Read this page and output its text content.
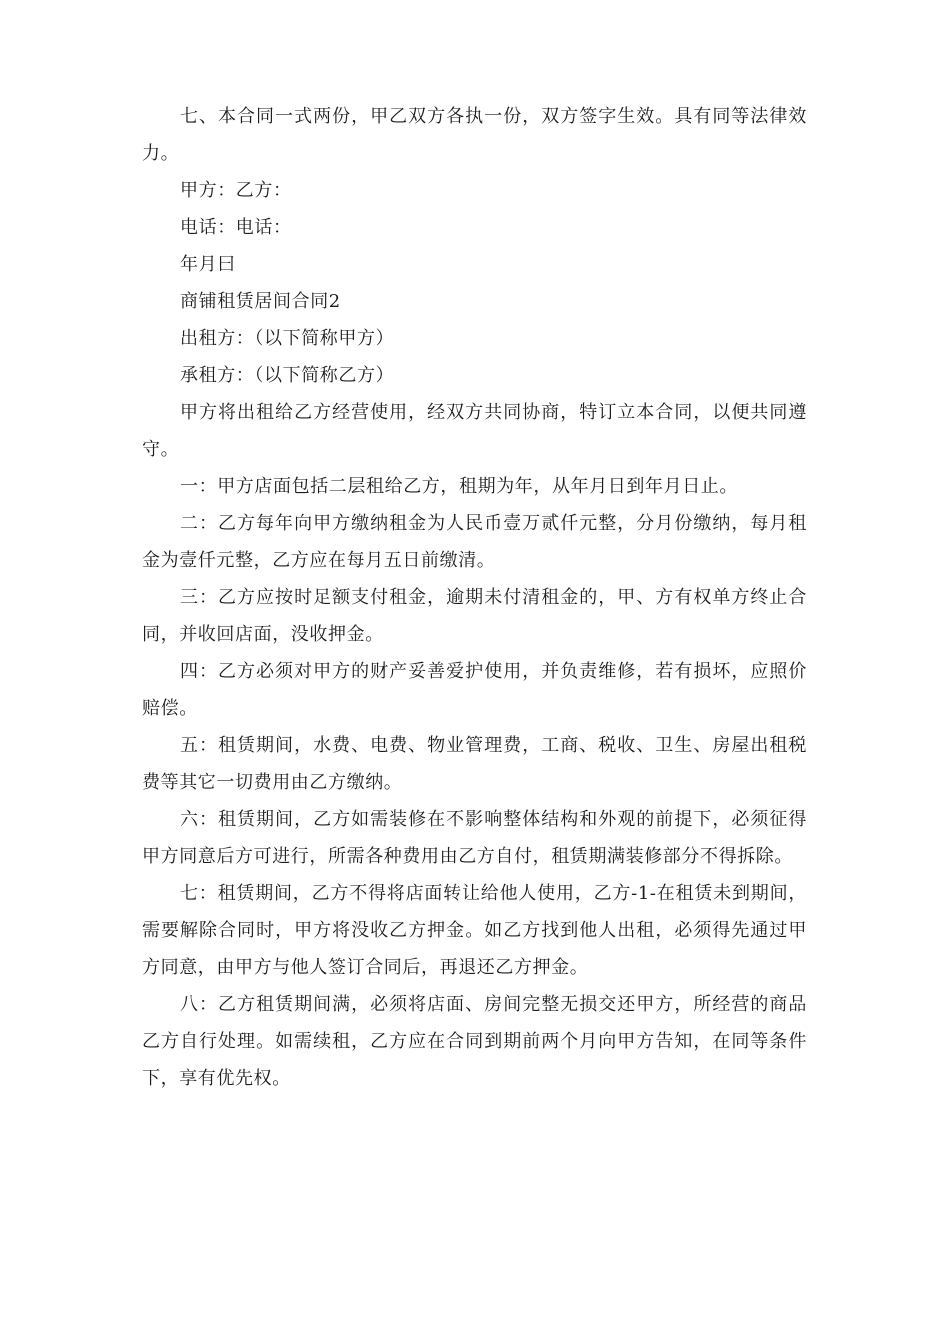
七、本合同一式两份，甲乙双方各执一份，双方签字生效。具有同等法律效力。

甲方：乙方：

电话：电话：

年月曰

商铺租赁居间合同2

出租方：（以下简称甲方）

承租方：（以下简称乙方）

甲方将出租给乙方经营使用，经双方共同协商，特订立本合同，以便共同遵守。

一：甲方店面包括二层租给乙方，租期为年，从年月日到年月日止。

二：乙方每年向甲方缴纳租金为人民币壹万贰仟元整，分月份缴纳，每月租金为壹仟元整，乙方应在每月五日前缴清。

三：乙方应按时足额支付租金，逾期未付清租金的，甲、方有权单方终止合同，并收回店面，没收押金。

四：乙方必须对甲方的财产妥善爱护使用，并负责维修，若有损坏，应照价赔偿。

五：租赁期间，水费、电费、物业管理费，工商、税收、卫生、房屋出租税费等其它一切费用由乙方缴纳。

六：租赁期间，乙方如需装修在不影响整体结构和外观的前提下，必须征得甲方同意后方可进行，所需各种费用由乙方自付，租赁期满装修部分不得拆除。

七：租赁期间，乙方不得将店面转让给他人使用，乙方-1-在租赁未到期间，需要解除合同时，甲方将没收乙方押金。如乙方找到他人出租，必须得先通过甲方同意，由甲方与他人签订合同后，再退还乙方押金。

八：乙方租赁期间满，必须将店面、房间完整无损交还甲方，所经营的商品乙方自行处理。如需续租，乙方应在合同到期前两个月向甲方告知，在同等条件下，享有优先权。
